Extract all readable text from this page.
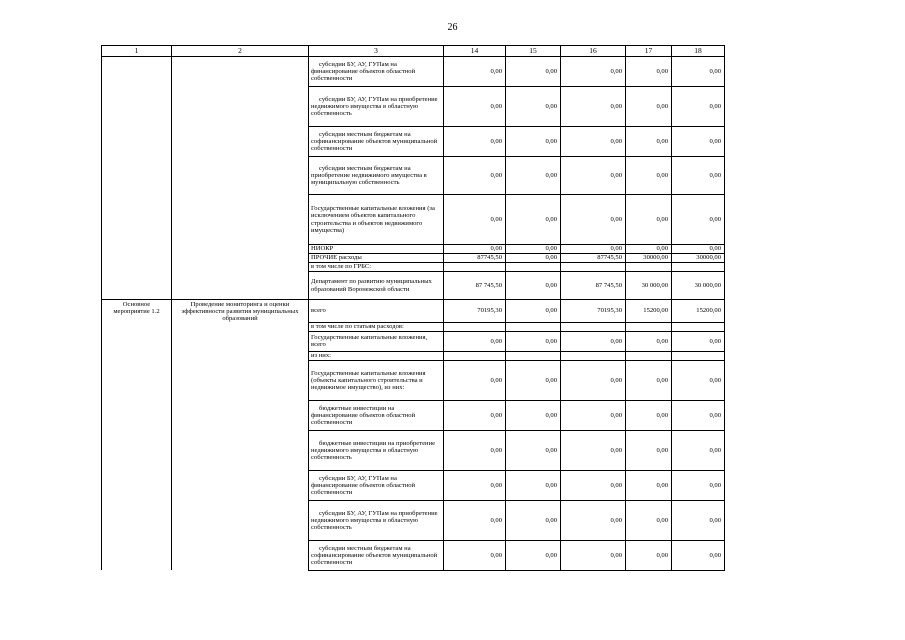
26
1	2	3	14	15	16	17	18
		субсидии БУ, АУ, ГУПам на финансирование объектов областной собственности	0,00	0,00	0,00	0,00	0,00
		субсидии БУ, АУ, ГУПам на приобретение недвижимого имущества в областную собственность	0,00	0,00	0,00	0,00	0,00
		субсидии местным бюджетам на софинансирование объектов муниципальной собственности	0,00	0,00	0,00	0,00	0,00
		субсидии местным бюджетам на приобретение недвижимого имущества в муниципальную собственность	0,00	0,00	0,00	0,00	0,00
		Государственные капитальные вложения (за исключением объектов капитального строительства и объектов недвижимого имущества)	0,00	0,00	0,00	0,00	0,00
		НИОКР	0,00	0,00	0,00	0,00	0,00
		ПРОЧИЕ расходы	87745,50	0,00	87745,50	30000,00	30000,00
		в том числе по ГРБС:					
		Департамент по развитию муниципальных образований Воронежской области	87 745,50	0,00	87 745,50	30 000,00	30 000,00
Основное мероприятие 1.2	Проведение мониторинга и оценки эффективности развития муниципальных образований	всего	70195,30	0,00	70195,30	15200,00	15200,00
		в том числе по статьям расходов:					
		Государственные капитальные вложения, всего	0,00	0,00	0,00	0,00	0,00
		из них:					
		Государственные капитальные вложения (объекты капитального строительства и недвижимое имущество), из них:	0,00	0,00	0,00	0,00	0,00
		бюджетные инвестиции на финансирование объектов областной собственности	0,00	0,00	0,00	0,00	0,00
		бюджетные инвестиции на приобретение недвижимого имущества в областную собственность	0,00	0,00	0,00	0,00	0,00
		субсидии БУ, АУ, ГУПам на финансирование объектов областной собственности	0,00	0,00	0,00	0,00	0,00
		субсидии БУ, АУ, ГУПам на приобретение недвижимого имущества в областную собственность	0,00	0,00	0,00	0,00	0,00
		субсидии местным бюджетам на софинансирование объектов муниципальной собственности	0,00	0,00	0,00	0,00	0,00
